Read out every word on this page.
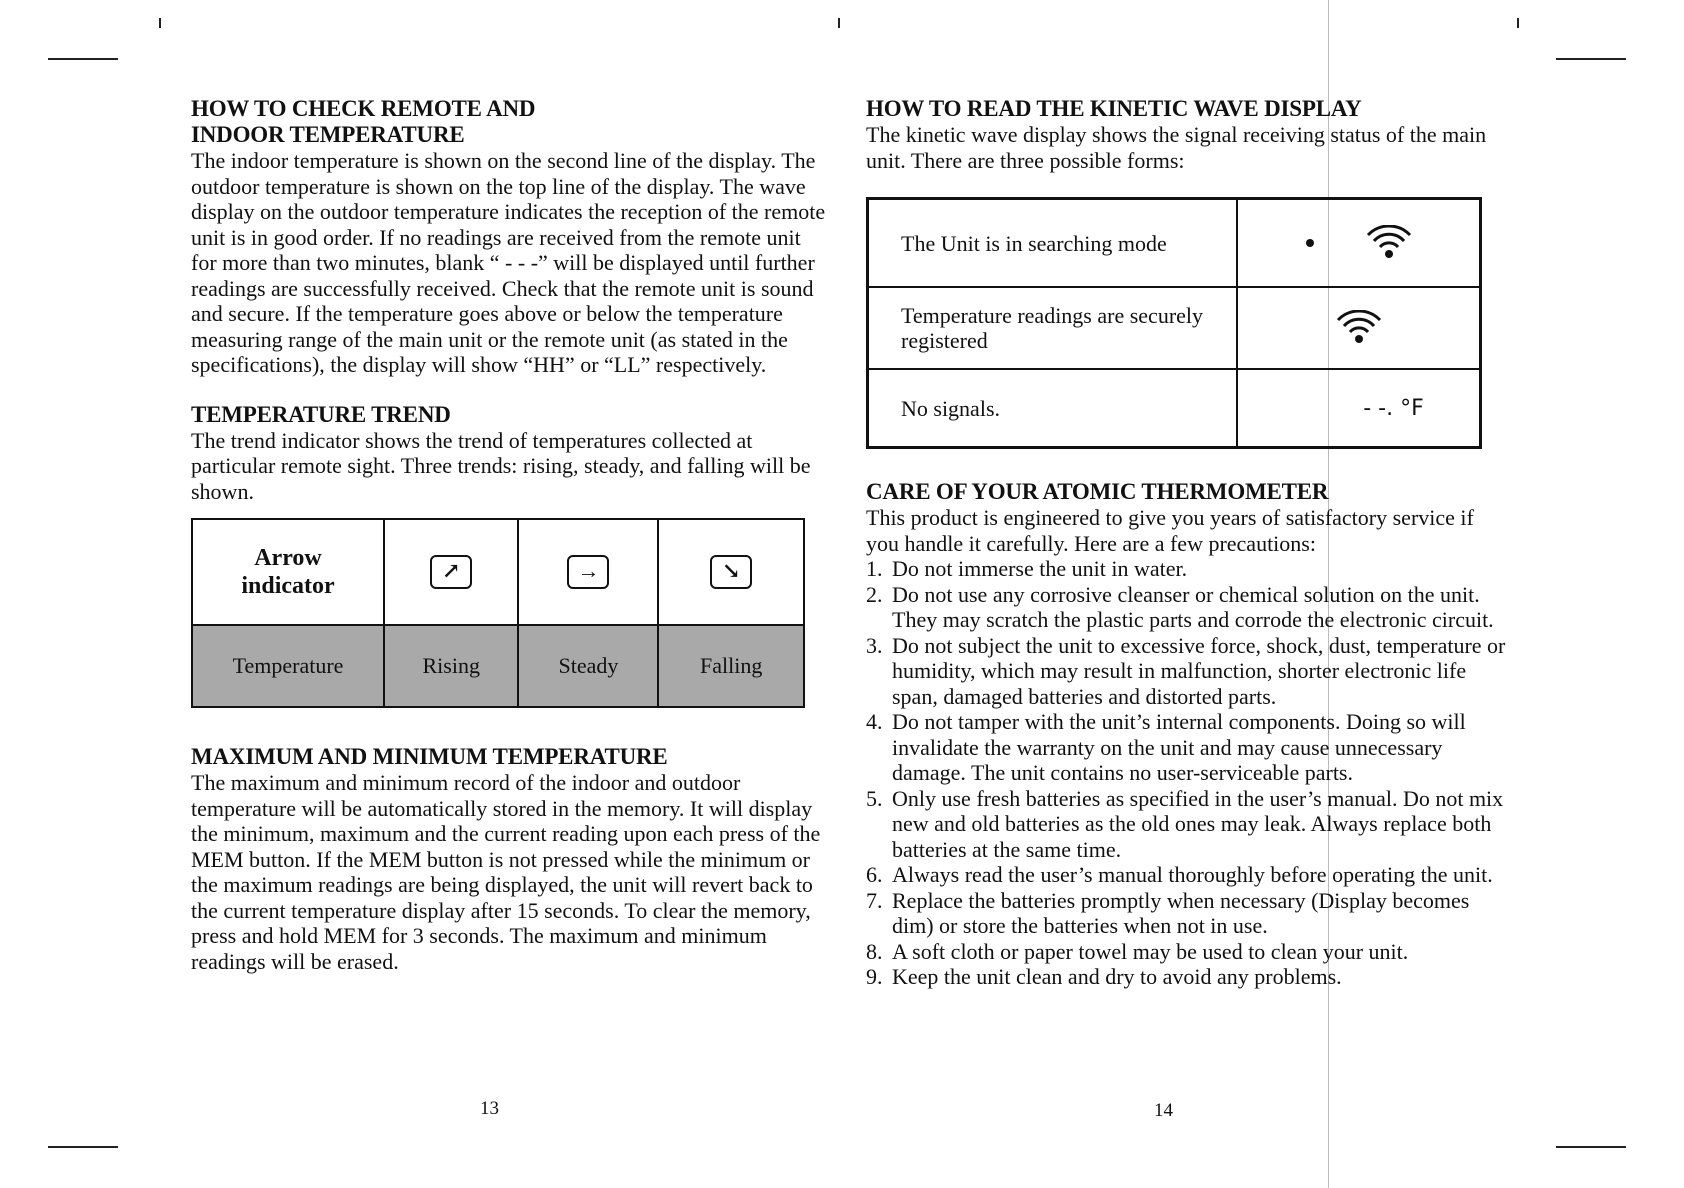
HOW TO CHECK REMOTE AND
INDOOR TEMPERATURE

The indoor temperature is shown on the second line of the display. The outdoor temperature is shown on the top line of the display. The wave display on the outdoor temperature indicates the reception of the remote unit is in good order. If no readings are received from the remote unit for more than two minutes, blank “ - - -” will be displayed until further readings are successfully received. Check that the remote unit is sound and secure. If the temperature goes above or below the temperature measuring range of the main unit or the remote unit (as stated in the specifications), the display will show “HH” or “LL” respectively.

TEMPERATURE TREND

The trend indicator shows the trend of temperatures collected at particular remote sight. Three trends: rising, steady, and falling will be shown.

Arrow
indicator	↗	→	↘
Temperature	Rising	Steady	Falling
MAXIMUM AND MINIMUM TEMPERATURE

The maximum and minimum record of the indoor and outdoor temperature will be automatically stored in the memory. It will display the minimum, maximum and the current reading upon each press of the MEM button. If the MEM button is not pressed while the minimum or the maximum readings are being displayed, the unit will revert back to the current temperature display after 15 seconds. To clear the memory, press and hold MEM for 3 seconds. The maximum and minimum readings will be erased.

13
HOW TO READ THE KINETIC WAVE DISPLAY

The kinetic wave display shows the signal receiving status of the main unit. There are three possible forms:

The Unit is in searching mode	
Temperature readings are securely registered	
No signals.	- -. °F
CARE OF YOUR ATOMIC THERMOMETER

This product is engineered to give you years of satisfactory service if you handle it carefully. Here are a few precautions:

1. Do not immerse the unit in water.
2. Do not use any corrosive cleanser or chemical solution on the unit. They may scratch the plastic parts and corrode the electronic circuit.
3. Do not subject the unit to excessive force, shock, dust, temperature or humidity, which may result in malfunction, shorter electronic life span, damaged batteries and distorted parts.
4. Do not tamper with the unit’s internal components. Doing so will invalidate the warranty on the unit and may cause unnecessary damage. The unit contains no user-serviceable parts.
5. Only use fresh batteries as specified in the user’s manual. Do not mix new and old batteries as the old ones may leak. Always replace both batteries at the same time.
6. Always read the user’s manual thoroughly before operating the unit.
7. Replace the batteries promptly when necessary (Display becomes dim) or store the batteries when not in use.
8. A soft cloth or paper towel may be used to clean your unit.
9. Keep the unit clean and dry to avoid any problems.
14
